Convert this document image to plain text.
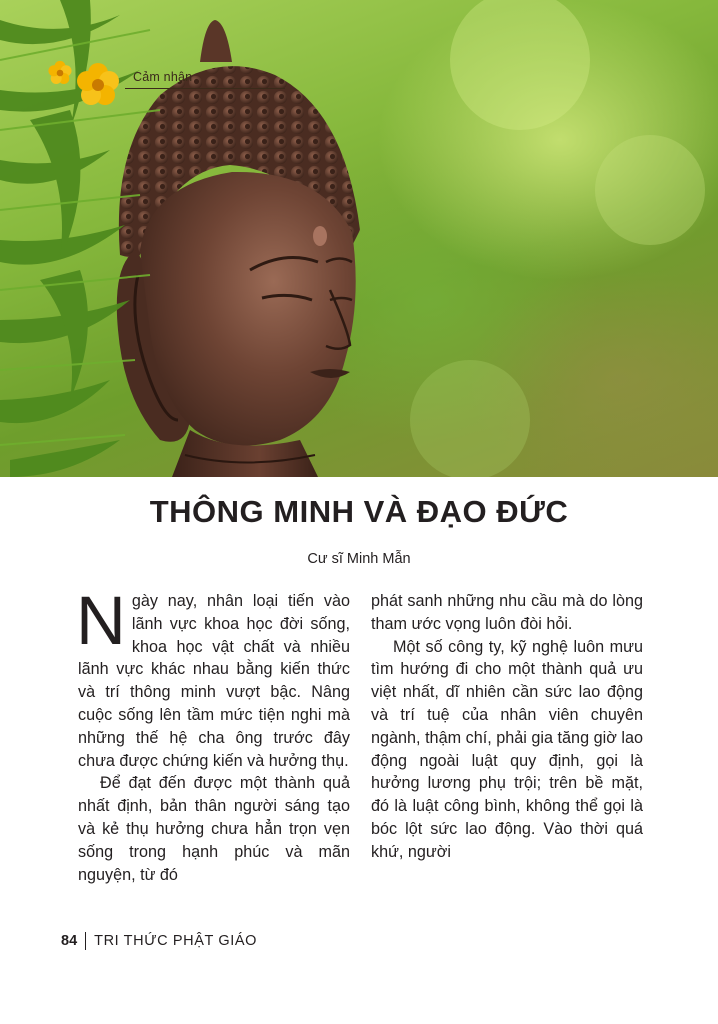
Cảm nhận
THÔNG MINH VÀ ĐẠO ĐỨC
Cư sĩ Minh Mẫn

Ngày nay, nhân loại tiến vào lãnh vực khoa học đời sống, khoa học vật chất và nhiều lãnh vực khác nhau bằng kiến thức và trí thông minh vượt bậc. Nâng cuộc sống lên tầm mức tiện nghi mà những thế hệ cha ông trước đây chưa được chứng kiến và hưởng thụ.

Để đạt đến được một thành quả nhất định, bản thân người sáng tạo và kẻ thụ hưởng chưa hẳn trọn vẹn sống trong hạnh phúc và mãn nguyện, từ đó

phát sanh những nhu cầu mà do lòng tham ước vọng luôn đòi hỏi.

Một số công ty, kỹ nghệ luôn mưu tìm hướng đi cho một thành quả ưu việt nhất, dĩ nhiên cần sức lao động và trí tuệ của nhân viên chuyên ngành, thậm chí, phải gia tăng giờ lao động ngoài luật quy định, gọi là hưởng lương phụ trội; trên bề mặt, đó là luật công bình, không thể gọi là bóc lột sức lao động. Vào thời quá khứ, người

84 TRI THỨC PHẬT GIÁO
